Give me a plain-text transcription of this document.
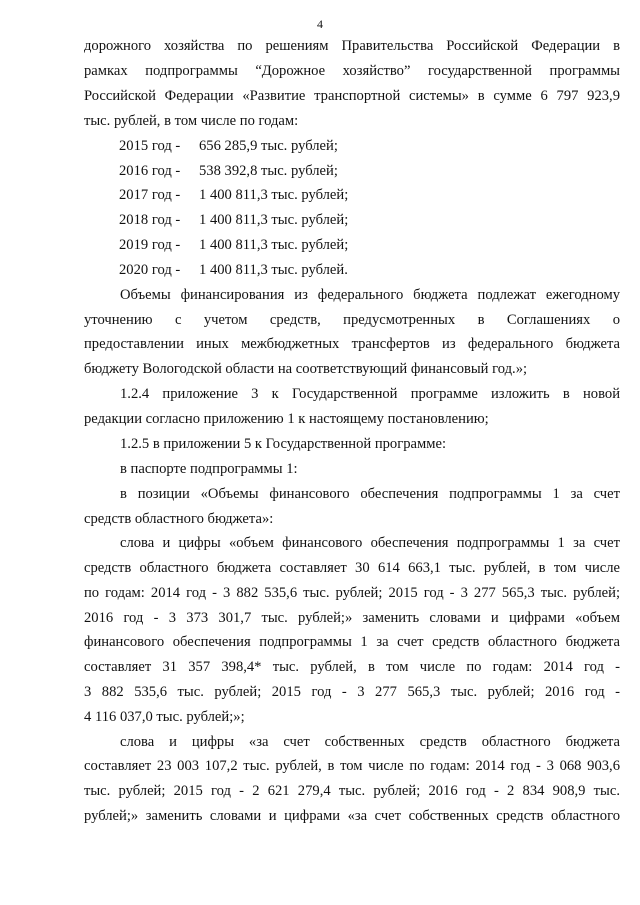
4
дорожного хозяйства по решениям Правительства Российской Федерации в
рамках подпрограммы “Дорожное хозяйство” государственной программы
Российской Федерации «Развитие транспортной системы» в сумме 6 797 923,9
тыс. рублей, в том числе по годам:
2015 год - 656 285,9 тыс. рублей;
2016 год - 538 392,8 тыс. рублей;
2017 год - 1 400 811,3 тыс. рублей;
2018 год - 1 400 811,3 тыс. рублей;
2019 год - 1 400 811,3 тыс. рублей;
2020 год - 1 400 811,3 тыс. рублей.
Объемы финансирования из федерального бюджета подлежат ежегодному
уточнению с учетом средств, предусмотренных в Соглашениях о
предоставлении иных межбюджетных трансфертов из федерального бюджета
бюджету Вологодской области на соответствующий финансовый год.»;
1.2.4 приложение 3 к Государственной программе изложить в новой
редакции согласно приложению 1 к настоящему постановлению;
1.2.5 в приложении 5 к Государственной программе:
в паспорте подпрограммы 1:
в позиции «Объемы финансового обеспечения подпрограммы 1 за счет
средств областного бюджета»:
слова и цифры «объем финансового обеспечения подпрограммы 1 за счет
средств областного бюджета составляет 30 614 663,1 тыс. рублей, в том числе
по годам: 2014 год - 3 882 535,6 тыс. рублей; 2015 год - 3 277 565,3 тыс. рублей;
2016 год - 3 373 301,7 тыс. рублей;» заменить словами и цифрами «объем
финансового обеспечения подпрограммы 1 за счет средств областного бюджета
составляет 31 357 398,4* тыс. рублей, в том числе по годам: 2014 год -
3 882 535,6 тыс. рублей; 2015 год - 3 277 565,3 тыс. рублей; 2016 год -
4 116 037,0 тыс. рублей;»;
слова и цифры «за счет собственных средств областного бюджета
составляет 23 003 107,2 тыс. рублей, в том числе по годам: 2014 год - 3 068 903,6
тыс. рублей; 2015 год - 2 621 279,4 тыс. рублей; 2016 год - 2 834 908,9 тыс.
рублей;» заменить словами и цифрами «за счет собственных средств областного
